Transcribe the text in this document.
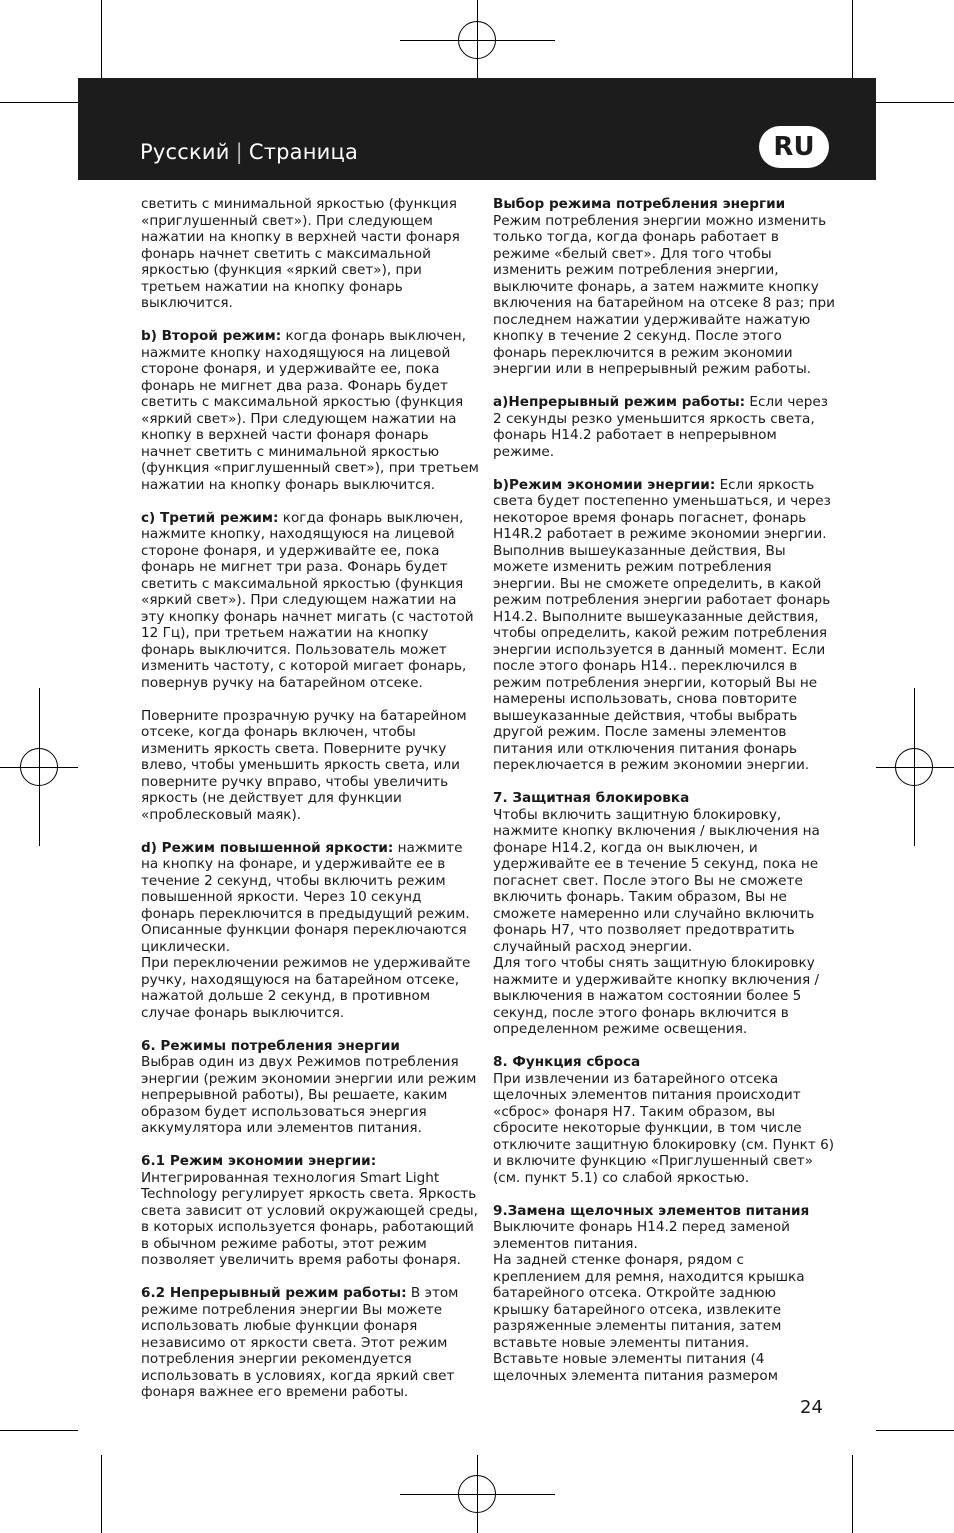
Русский | Страница	RU

светить с минимальной яркостью (функция «приглушенный свет»). При следующем нажатии на кнопку в верхней части фонаря фонарь начнет светить с максимальной яркостью (функция «яркий свет»), при третьем нажатии на кнопку фонарь выключится.

b) Второй режим: когда фонарь выключен, нажмите кнопку находящуюся на лицевой стороне фонаря, и удерживайте ее, пока фонарь не мигнет два раза. Фонарь будет светить с максимальной яркостью (функция «яркий свет»). При следующем нажатии на кнопку в верхней части фонаря фонарь начнет светить с минимальной яркостью (функция «приглушенный свет»), при третьем нажатии на кнопку фонарь выключится.

c) Третий режим: когда фонарь выключен, нажмите кнопку, находящуюся на лицевой стороне фонаря, и удерживайте ее, пока фонарь не мигнет три раза. Фонарь будет светить с максимальной яркостью (функция «яркий свет»). При следующем нажатии на эту кнопку фонарь начнет мигать (с частотой 12 Гц), при третьем нажатии на кнопку фонарь выключится. Пользователь может изменить частоту, с которой мигает фонарь, повернув ручку на батарейном отсеке.

Поверните прозрачную ручку на батарейном отсеке, когда фонарь включен, чтобы изменить яркость света. Поверните ручку влево, чтобы уменьшить яркость света, или поверните ручку вправо, чтобы увеличить яркость (не действует для функции «проблесковый маяк).

d) Режим повышенной яркости: нажмите на кнопку на фонаре, и удерживайте ее в течение 2 секунд, чтобы включить режим повышенной яркости. Через 10 секунд фонарь переключится в предыдущий режим. Описанные функции фонаря переключаются циклически.

При переключении режимов не удерживайте ручку, находящуюся на батарейном отсеке, нажатой дольше 2 секунд, в противном случае фонарь выключится.

6. Режимы потребления энергии
Выбрав один из двух Режимов потребления энергии (режим экономии энергии или режим непрерывной работы), Вы решаете, каким образом будет использоваться энергия аккумулятора или элементов питания.

6.1 Режим экономии энергии:
Интегрированная технология Smart Light Technology регулирует яркость света. Яркость света зависит от условий окружающей среды, в которых используется фонарь, работающий в обычном режиме работы, этот режим позволяет увеличить время работы фонаря.

6.2 Непрерывный режим работы: В этом режиме потребления энергии Вы можете использовать любые функции фонаря независимо от яркости света. Этот режим потребления энергии рекомендуется использовать в условиях, когда яркий свет фонаря важнее его времени работы.

Выбор режима потребления энергии
Режим потребления энергии можно изменить только тогда, когда фонарь работает в режиме «белый свет». Для того чтобы изменить режим потребления энергии, выключите фонарь, а затем нажмите кнопку включения на батарейном на отсеке 8 раз; при последнем нажатии удерживайте нажатую кнопку в течение 2 секунд. После этого фонарь переключится в режим экономии энергии или в непрерывный режим работы.

a)Непрерывный режим работы: Если через 2 секунды резко уменьшится яркость света, фонарь H14.2 работает в непрерывном режиме.

b)Режим экономии энергии: Если яркость света будет постепенно уменьшаться, и через некоторое время фонарь погаснет, фонарь H14R.2 работает в режиме экономии энергии. Выполнив вышеуказанные действия, Вы можете изменить режим потребления энергии. Вы не сможете определить, в какой режим потребления энергии работает фонарь H14.2. Выполните вышеуказанные действия, чтобы определить, какой режим потребления энергии используется в данный момент. Если после этого фонарь H14.. переключился в режим потребления энергии, который Вы не намерены использовать, снова повторите вышеуказанные действия, чтобы выбрать другой режим. После замены элементов питания или отключения питания фонарь переключается в режим экономии энергии.

7. Защитная блокировка
Чтобы включить защитную блокировку, нажмите кнопку включения / выключения на фонаре H14.2, когда он выключен, и удерживайте ее в течение 5 секунд, пока не погаснет свет. После этого Вы не сможете включить фонарь. Таким образом, Вы не сможете намеренно или случайно включить фонарь H7, что позволяет предотвратить случайный расход энергии.

Для того чтобы снять защитную блокировку нажмите и удерживайте кнопку включения / выключения в нажатом состоянии более 5 секунд, после этого фонарь включится в определенном режиме освещения.

8. Функция сброса
При извлечении из батарейного отсека щелочных элементов питания происходит «сброс» фонаря H7. Таким образом, вы сбросите некоторые функции, в том числе отключите защитную блокировку (см. Пункт 6) и включите функцию «Приглушенный свет» (см. пункт 5.1) со слабой яркостью.

9.Замена щелочных элементов питания
Выключите фонарь H14.2 перед заменой элементов питания.

На задней стенке фонаря, рядом с креплением для ремня, находится крышка батарейного отсека. Откройте заднюю крышку батарейного отсека, извлеките разряженные элементы питания, затем вставьте новые элементы питания.

Вставьте новые элементы питания (4 щелочных элемента питания размером

24
